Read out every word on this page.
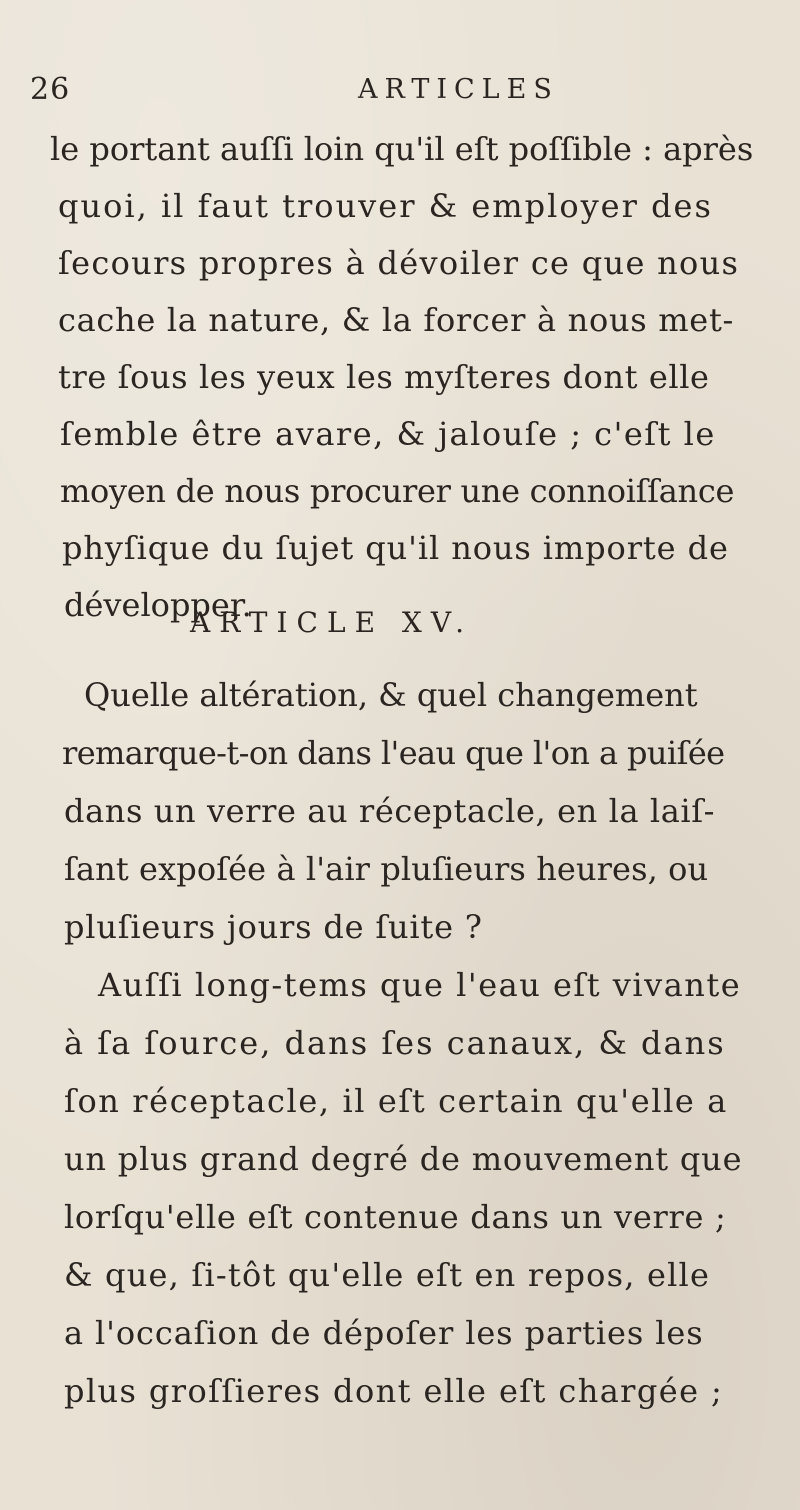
26	ARTICLES
le portant auſſi loin qu'il eſt poſſible : après
quoi, il faut trouver & employer des
ſecours propres à dévoiler ce que nous
cache la nature, & la forcer à nous met-
tre ſous les yeux les myſteres dont elle
ſemble être avare, & jalouſe ; c'eſt le
moyen de nous procurer une connoiſſance
phyſique du ſujet qu'il nous importe de
développer.
ARTICLE XV.
Quelle altération, & quel changement
remarque-t-on dans l'eau que l'on a puiſée
dans un verre au réceptacle, en la laiſ-
ſant expoſée à l'air pluſieurs heures, ou
pluſieurs jours de ſuite ?
Auſſi long-tems que l'eau eſt vivante
à ſa ſource, dans ſes canaux, & dans
ſon réceptacle, il eſt certain qu'elle a
un plus grand degré de mouvement que
lorſqu'elle eſt contenue dans un verre ;
& que, ſi-tôt qu'elle eſt en repos, elle
a l'occaſion de dépoſer les parties les
plus groſſieres dont elle eſt chargée ;
